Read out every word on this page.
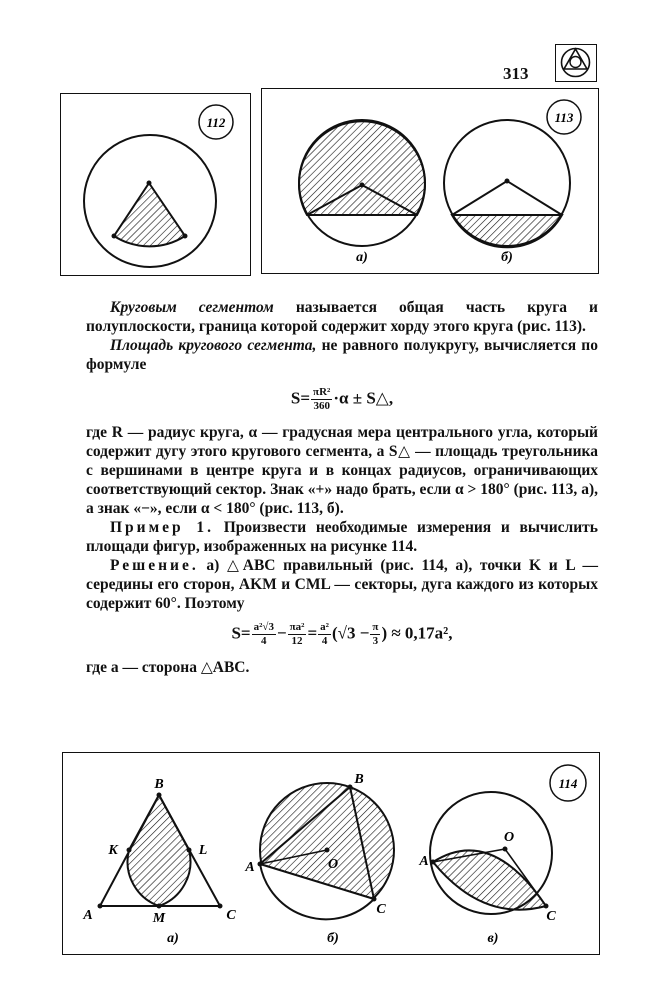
313
112
а)	б)
113

Круговым сегментом называется общая часть круга и полуплоскости, граница которой содержит хорду этого круга (рис. 113).

Площадь кругового сегмента, не равного полукругу, вычисляется по формуле

$S= \frac{\text{πR²}}{360} \cdot\alpha$ ± S△,

где R — радиус круга, α — градусная мера центрального угла, который содержит дугу этого кругового сегмента, а S△ — площадь треугольника с вершинами в центре круга и в концах радиусов, ограничивающих соответствующий сектор. Знак «+» надо брать, если α > 180° (рис. 113, а), а знак «−», если α < 180° (рис. 113, б).

Пример 1. Произвести необходимые измерения и вычислить площади фигур, изображенных на рисунке 114.

Решение. а) △ABC правильный (рис. 114, а), точки K и L — середины его сторон, AKM и CML — секторы, дуга каждого из которых содержит 60°. Поэтому

$S= \frac{\text{a²√3}}{4} - \frac{\text{πa²}}{12} = \frac{\text{a²}}{4} (√3 - \frac{\pi}{3}$ ) ≈ 0,17a²,

где a — сторона △ABC.

B
K	L
A	M	C
а)
B
A	O
C
б)
O
A
C
в)
114
